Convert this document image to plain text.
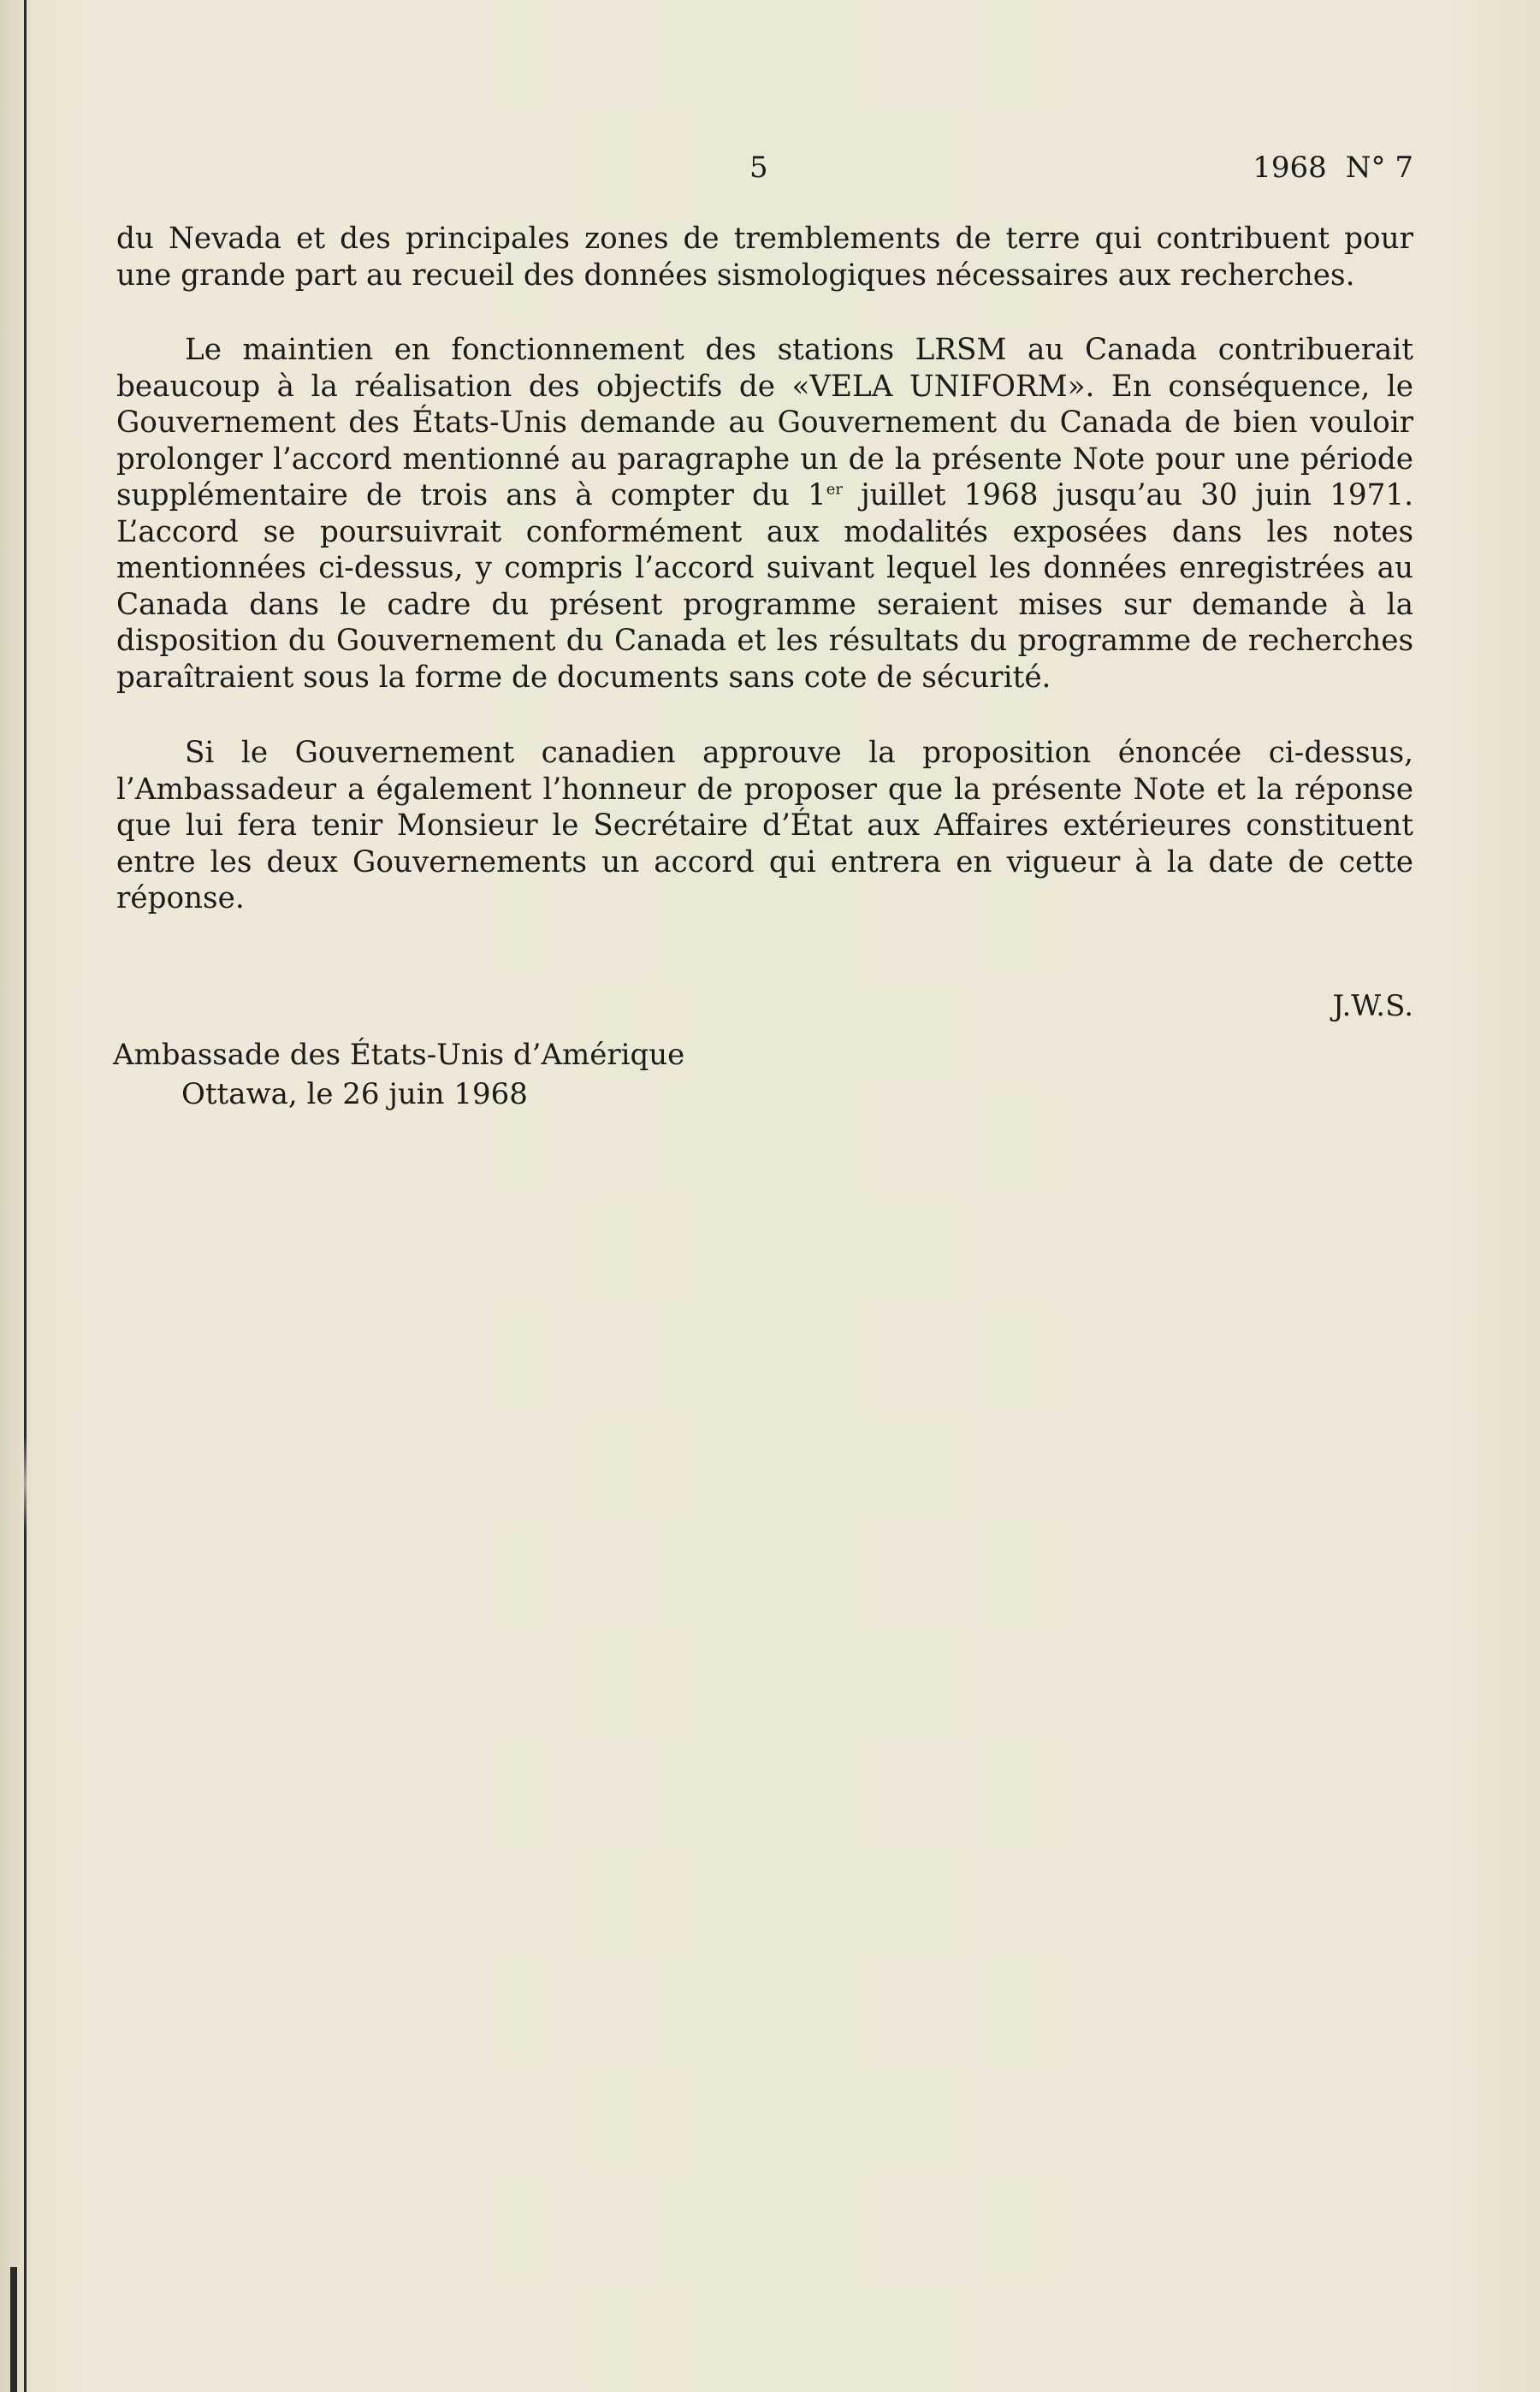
5	1968 N° 7

du Nevada et des principales zones de tremblements de terre qui contribuent pour une grande part au recueil des données sismologiques nécessaires aux recherches.

Le maintien en fonctionnement des stations LRSM au Canada contribuerait beaucoup à la réalisation des objectifs de «VELA UNIFORM». En conséquence, le Gouvernement des États-Unis demande au Gouvernement du Canada de bien vouloir prolonger l’accord mentionné au paragraphe un de la présente Note pour une période supplémentaire de trois ans à compter du 1er juillet 1968 jusqu’au 30 juin 1971. L’accord se poursuivrait conformément aux modalités exposées dans les notes mentionnées ci-dessus, y compris l’accord suivant lequel les données enregistrées au Canada dans le cadre du présent programme seraient mises sur demande à la disposition du Gouvernement du Canada et les résultats du programme de recherches paraîtraient sous la forme de documents sans cote de sécurité.

Si le Gouvernement canadien approuve la proposition énoncée ci-dessus, l’Ambassadeur a également l’honneur de proposer que la présente Note et la réponse que lui fera tenir Monsieur le Secrétaire d’État aux Affaires extérieures constituent entre les deux Gouvernements un accord qui entrera en vigueur à la date de cette réponse.

J.W.S.
Ambassade des États-Unis d’Amérique
Ottawa, le 26 juin 1968
